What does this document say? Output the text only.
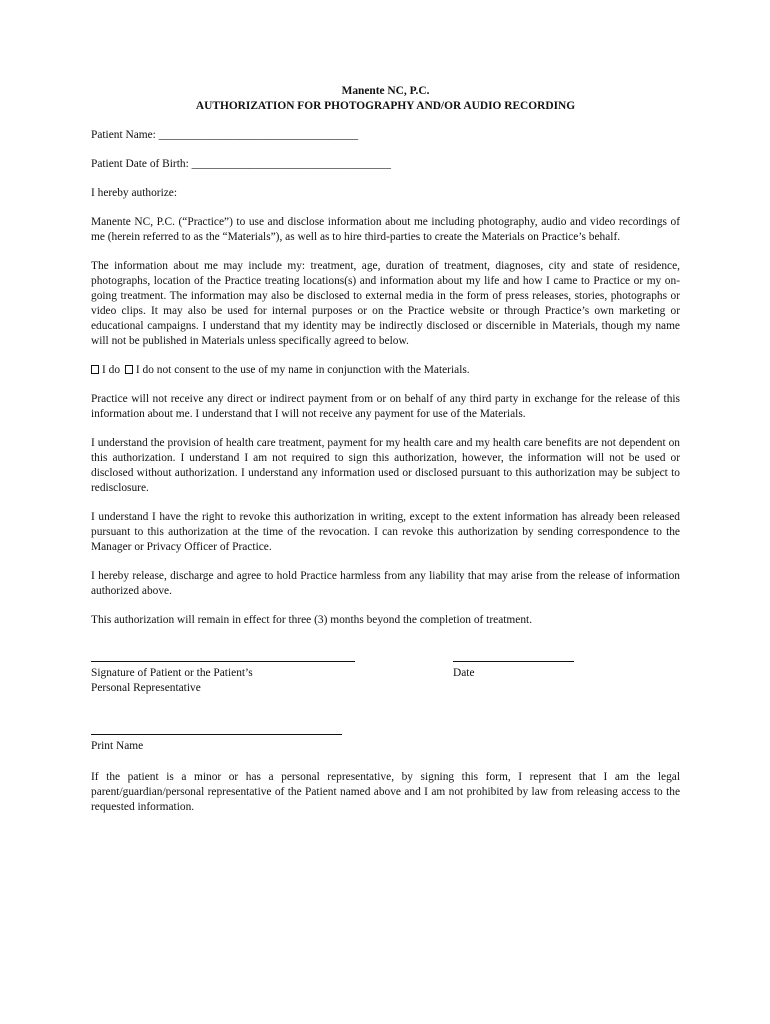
Manente NC, P.C.

AUTHORIZATION FOR PHOTOGRAPHY AND/OR AUDIO RECORDING

Patient Name: ___________________________________

Patient Date of Birth: ___________________________________

I hereby authorize:

Manente NC, P.C. (“Practice”) to use and disclose information about me including photography, audio and video recordings of me (herein referred to as the “Materials”), as well as to hire third-parties to create the Materials on Practice’s behalf.

The information about me may include my: treatment, age, duration of treatment, diagnoses, city and state of residence, photographs, location of the Practice treating locations(s) and information about my life and how I came to Practice or my on-going treatment. The information may also be disclosed to external media in the form of press releases, stories, photographs or video clips. It may also be used for internal purposes or on the Practice website or through Practice’s own marketing or educational campaigns. I understand that my identity may be indirectly disclosed or discernible in Materials, though my name will not be published in Materials unless specifically agreed to below.

I do I do not consent to the use of my name in conjunction with the Materials.

Practice will not receive any direct or indirect payment from or on behalf of any third party in exchange for the release of this information about me. I understand that I will not receive any payment for use of the Materials.

I understand the provision of health care treatment, payment for my health care and my health care benefits are not dependent on this authorization. I understand I am not required to sign this authorization, however, the information will not be used or disclosed without authorization. I understand any information used or disclosed pursuant to this authorization may be subject to redisclosure.

I understand I have the right to revoke this authorization in writing, except to the extent information has already been released pursuant to this authorization at the time of the revocation. I can revoke this authorization by sending correspondence to the Manager or Privacy Officer of Practice.

I hereby release, discharge and agree to hold Practice harmless from any liability that may arise from the release of information authorized above.

This authorization will remain in effect for three (3) months beyond the completion of treatment.

Signature of Patient or the Patient’s
Personal Representative
Date
Print Name

If the patient is a minor or has a personal representative, by signing this form, I represent that I am the legal parent/guardian/personal representative of the Patient named above and I am not prohibited by law from releasing access to the requested information.
